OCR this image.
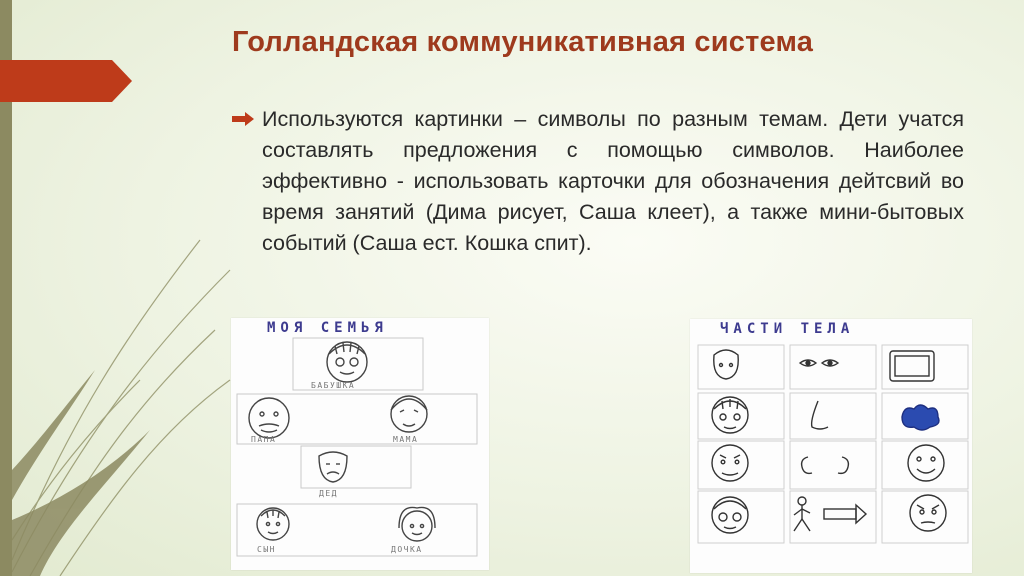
Голландская коммуникативная система

Используются картинки – символы по разным темам. Дети учатся составлять предложения с помощью символов. Наиболее эффективно - использовать карточки для обозначения дейтсвий во время занятий (Дима рисует, Саша клеет), а также мини-бытовых событий (Саша ест. Кошка спит).

МОЯ СЕМЬЯ
БАБУШКА
ПАПА	МАМА
ДЕД
СЫН	ДОЧКА
ЧАСТИ ТЕЛА
